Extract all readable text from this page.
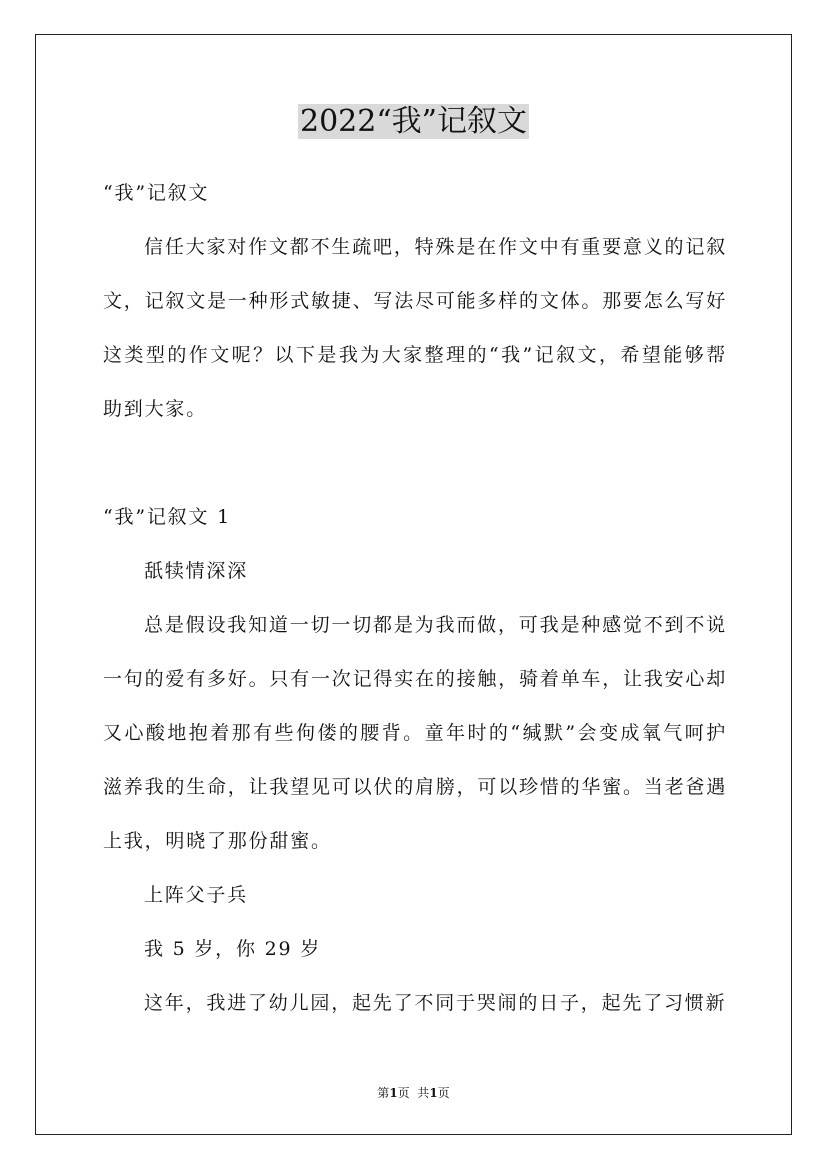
2022“我”记叙文

“我”记叙文

信任大家对作文都不生疏吧，特殊是在作文中有重要意义的记叙文，记叙文是一种形式敏捷、写法尽可能多样的文体。那要怎么写好这类型的作文呢？以下是我为大家整理的“我”记叙文，希望能够帮助到大家。

“我”记叙文 1

舐犊情深深

总是假设我知道一切一切都是为我而做，可我是种感觉不到不说一句的爱有多好。只有一次记得实在的接触，骑着单车，让我安心却又心酸地抱着那有些佝偻的腰背。童年时的“缄默”会变成氧气呵护滋养我的生命，让我望见可以伏的肩膀，可以珍惜的华蜜。当老爸遇上我，明晓了那份甜蜜。

上阵父子兵

我 5 岁，你 29 岁

这年，我进了幼儿园，起先了不同于哭闹的日子，起先了习惯新

第1页  共1页
